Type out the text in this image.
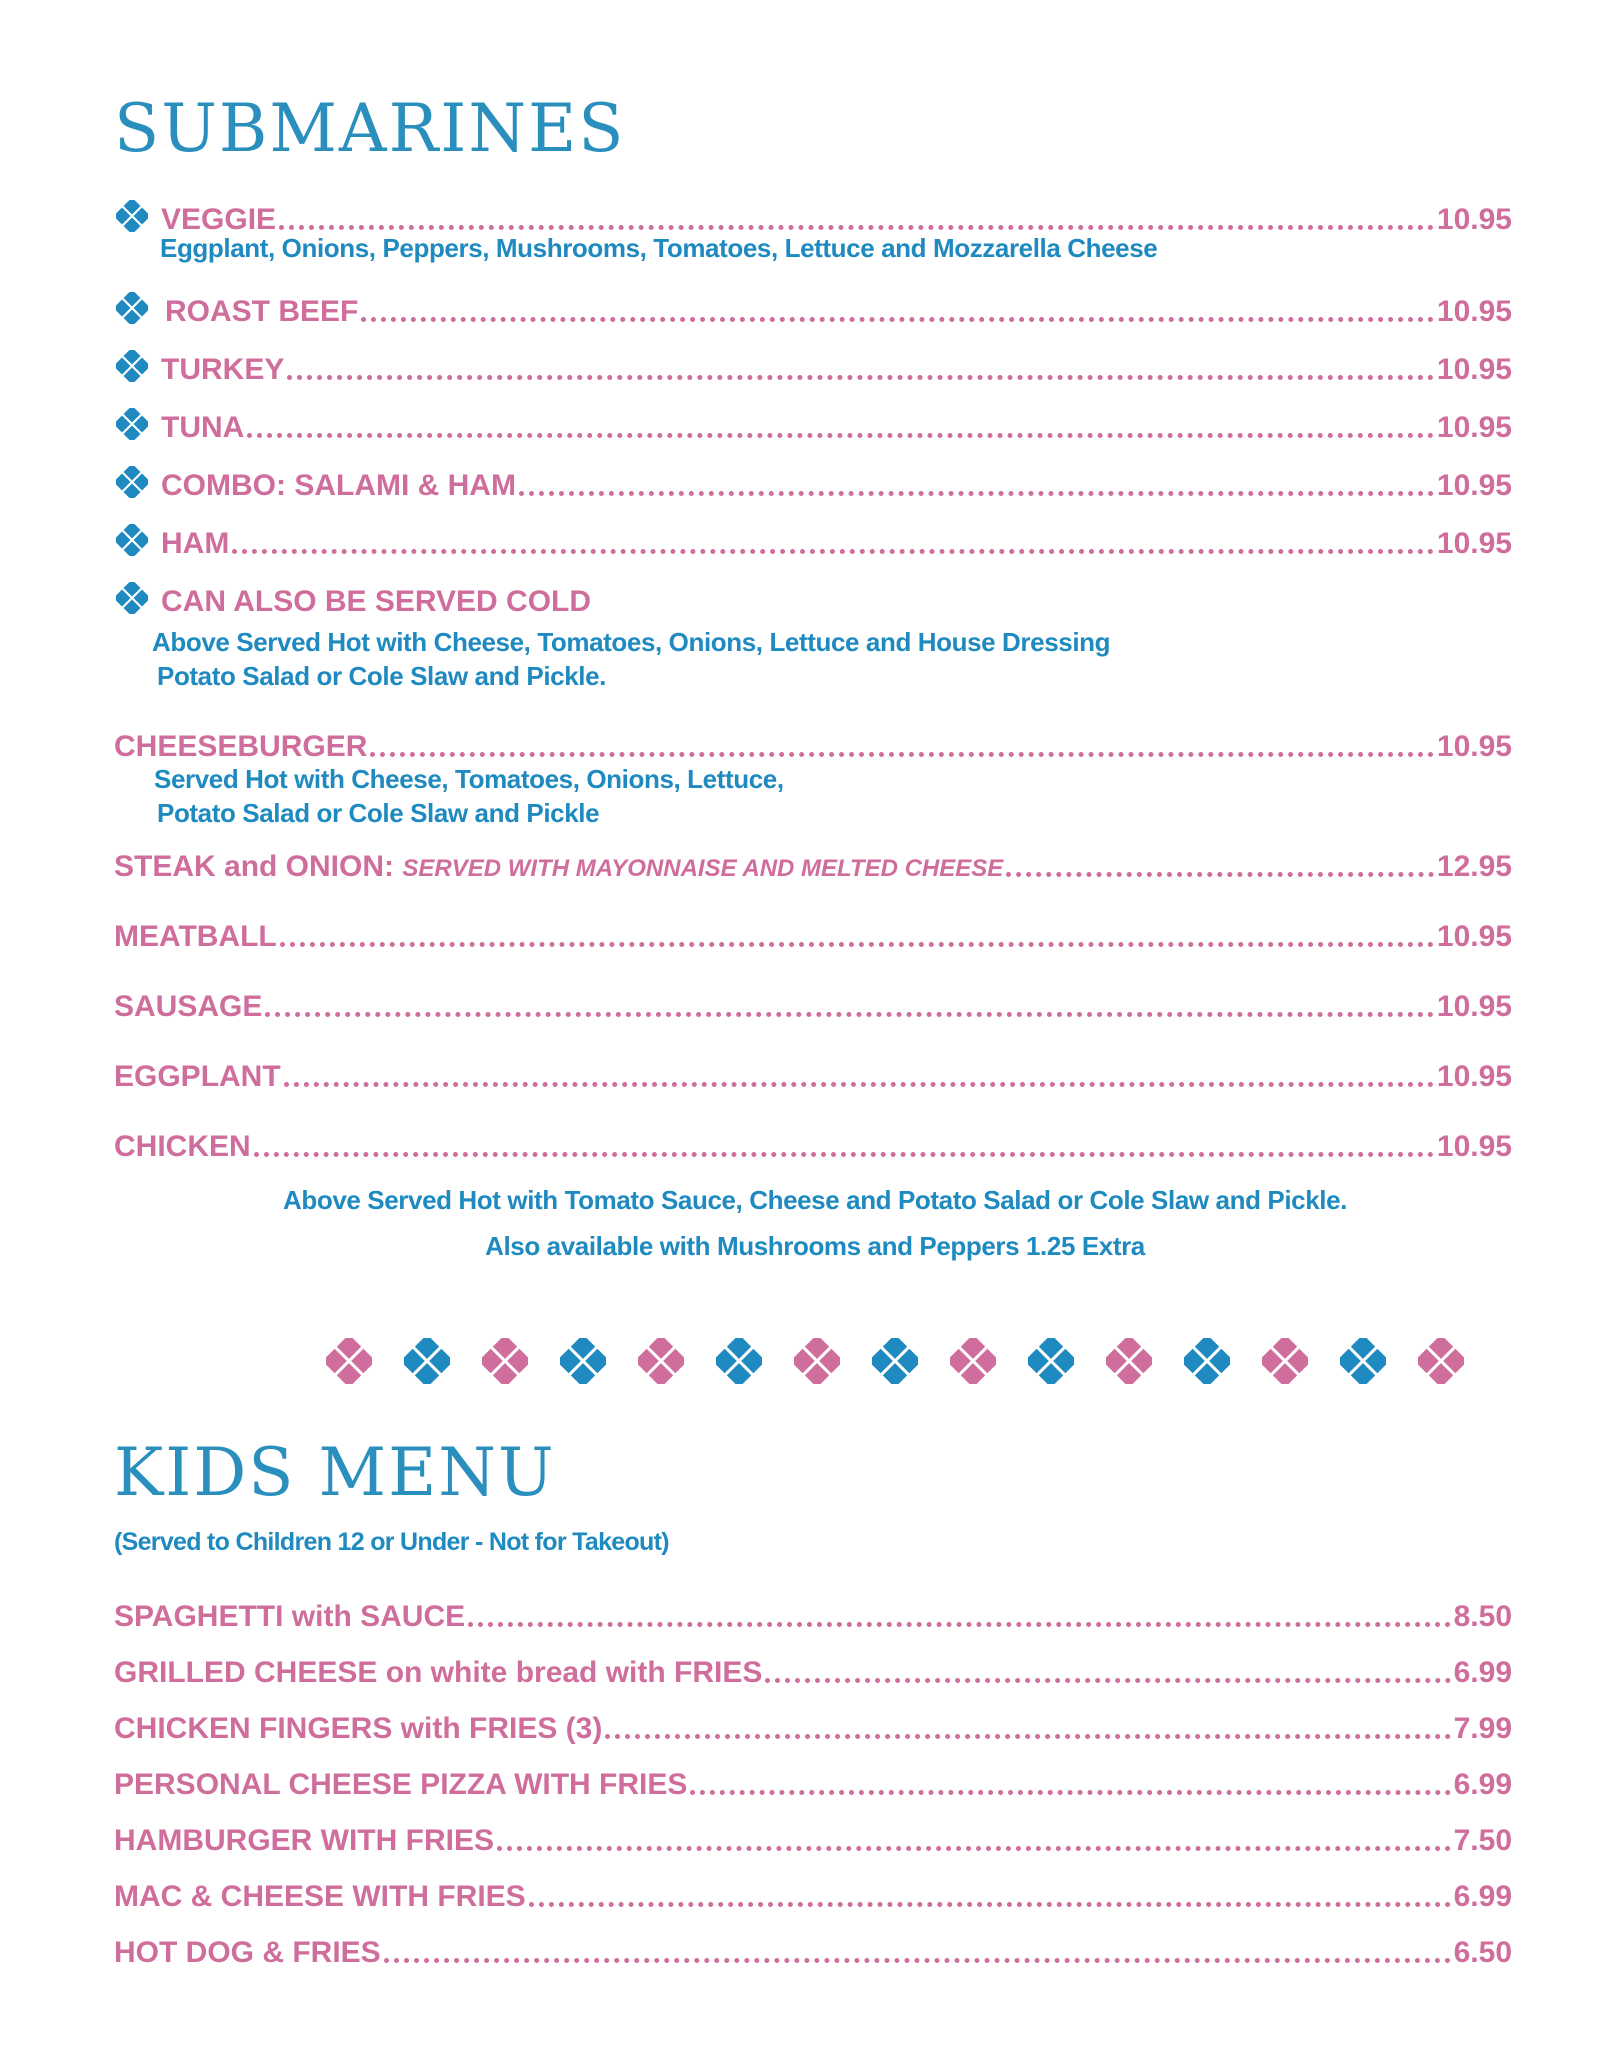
SUBMARINES
VEGGIE	10.95
Eggplant, Onions, Peppers, Mushrooms, Tomatoes, Lettuce and Mozzarella Cheese
ROAST BEEF	10.95
TURKEY	10.95
TUNA	10.95
COMBO: SALAMI & HAM	10.95
HAM	10.95
CAN ALSO BE SERVED COLD
Above Served Hot with Cheese, Tomatoes, Onions, Lettuce and House Dressing
Potato Salad or Cole Slaw and Pickle.
CHEESEBURGER	10.95
Served Hot with Cheese, Tomatoes, Onions, Lettuce,
Potato Salad or Cole Slaw and Pickle
STEAK and ONION: SERVED WITH MAYONNAISE AND MELTED CHEESE	12.95
MEATBALL	10.95
SAUSAGE	10.95
EGGPLANT	10.95
CHICKEN	10.95
Above Served Hot with Tomato Sauce, Cheese and Potato Salad or Cole Slaw and Pickle.
Also available with Mushrooms and Peppers 1.25 Extra
KIDS MENU
(Served to Children 12 or Under - Not for Takeout)
SPAGHETTI with SAUCE	8.50
GRILLED CHEESE on white bread with FRIES	6.99
CHICKEN FINGERS with FRIES (3)	7.99
PERSONAL CHEESE PIZZA WITH FRIES	6.99
HAMBURGER WITH FRIES	7.50
MAC & CHEESE WITH FRIES	6.99
HOT DOG & FRIES	6.50
